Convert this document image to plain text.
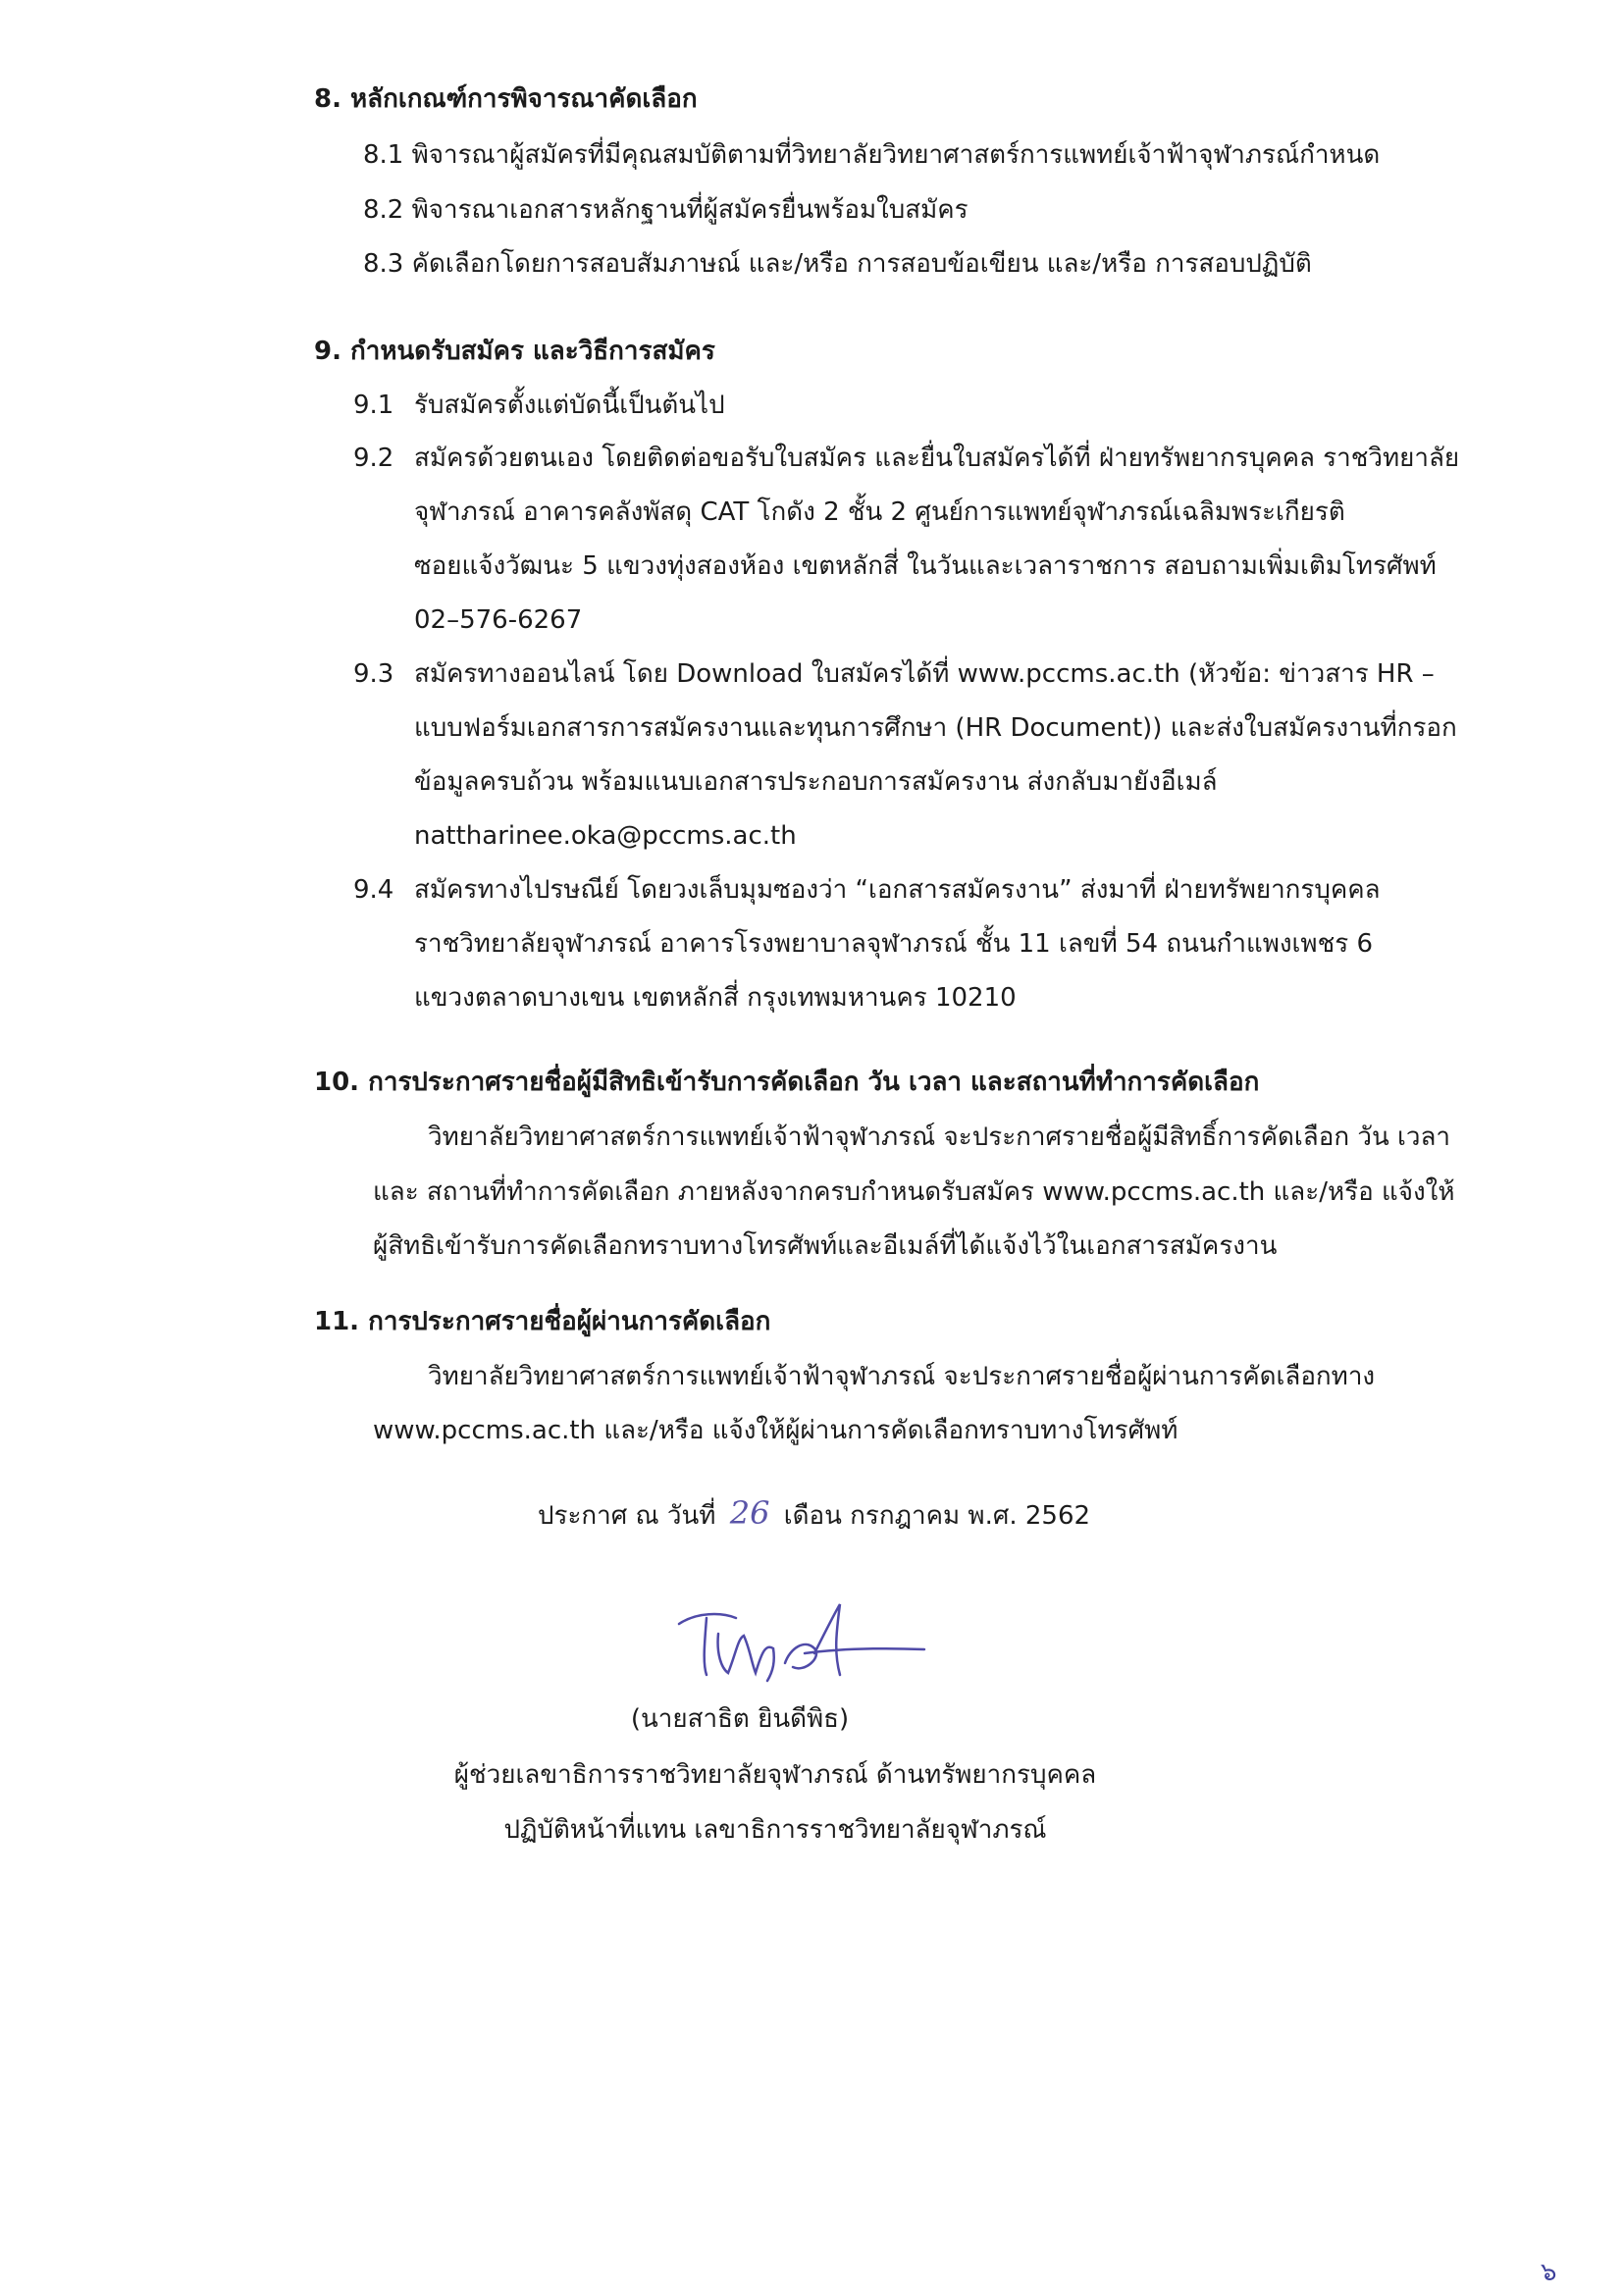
8. หลักเกณฑ์การพิจารณาคัดเลือก
8.1 พิจารณาผู้สมัครที่มีคุณสมบัติตามที่วิทยาลัยวิทยาศาสตร์การแพทย์เจ้าฟ้าจุฬาภรณ์กำหนด
8.2 พิจารณาเอกสารหลักฐานที่ผู้สมัครยื่นพร้อมใบสมัคร
8.3 คัดเลือกโดยการสอบสัมภาษณ์ และ/หรือ การสอบข้อเขียน และ/หรือ การสอบปฏิบัติ
9. กำหนดรับสมัคร และวิธีการสมัคร
9.1 รับสมัครตั้งแต่บัดนี้เป็นต้นไป
9.2 สมัครด้วยตนเอง โดยติดต่อขอรับใบสมัคร และยื่นใบสมัครได้ที่ ฝ่ายทรัพยากรบุคคล ราชวิทยาลัย
จุฬาภรณ์ อาคารคลังพัสดุ CAT โกดัง 2 ชั้น 2 ศูนย์การแพทย์จุฬาภรณ์เฉลิมพระเกียรติ
ซอยแจ้งวัฒนะ 5 แขวงทุ่งสองห้อง เขตหลักสี่ ในวันและเวลาราชการ สอบถามเพิ่มเติมโทรศัพท์
02–576-6267
9.3 สมัครทางออนไลน์ โดย Download ใบสมัครได้ที่ www.pccms.ac.th (หัวข้อ: ข่าวสาร HR –
แบบฟอร์มเอกสารการสมัครงานและทุนการศึกษา (HR Document)) และส่งใบสมัครงานที่กรอก
ข้อมูลครบถ้วน พร้อมแนบเอกสารประกอบการสมัครงาน ส่งกลับมายังอีเมล์
nattharinee.oka@pccms.ac.th
9.4 สมัครทางไปรษณีย์ โดยวงเล็บมุมซองว่า “เอกสารสมัครงาน” ส่งมาที่ ฝ่ายทรัพยากรบุคคล
ราชวิทยาลัยจุฬาภรณ์ อาคารโรงพยาบาลจุฬาภรณ์ ชั้น 11 เลขที่ 54 ถนนกำแพงเพชร 6
แขวงตลาดบางเขน เขตหลักสี่ กรุงเทพมหานคร 10210
10. การประกาศรายชื่อผู้มีสิทธิเข้ารับการคัดเลือก วัน เวลา และสถานที่ทำการคัดเลือก
วิทยาลัยวิทยาศาสตร์การแพทย์เจ้าฟ้าจุฬาภรณ์ จะประกาศรายชื่อผู้มีสิทธิ์การคัดเลือก วัน เวลา
และ สถานที่ทำการคัดเลือก ภายหลังจากครบกำหนดรับสมัคร www.pccms.ac.th และ/หรือ แจ้งให้
ผู้สิทธิเข้ารับการคัดเลือกทราบทางโทรศัพท์และอีเมล์ที่ได้แจ้งไว้ในเอกสารสมัครงาน
11. การประกาศรายชื่อผู้ผ่านการคัดเลือก
วิทยาลัยวิทยาศาสตร์การแพทย์เจ้าฟ้าจุฬาภรณ์ จะประกาศรายชื่อผู้ผ่านการคัดเลือกทาง
www.pccms.ac.th และ/หรือ แจ้งให้ผู้ผ่านการคัดเลือกทราบทางโทรศัพท์
ประกาศ ณ วันที่ 26 เดือน กรกฎาคม พ.ศ. 2562
(นายสาธิต ยินดีพิธ)
ผู้ช่วยเลขาธิการราชวิทยาลัยจุฬาภรณ์ ด้านทรัพยากรบุคคล
ปฏิบัติหน้าที่แทน เลขาธิการราชวิทยาลัยจุฬาภรณ์
๖
